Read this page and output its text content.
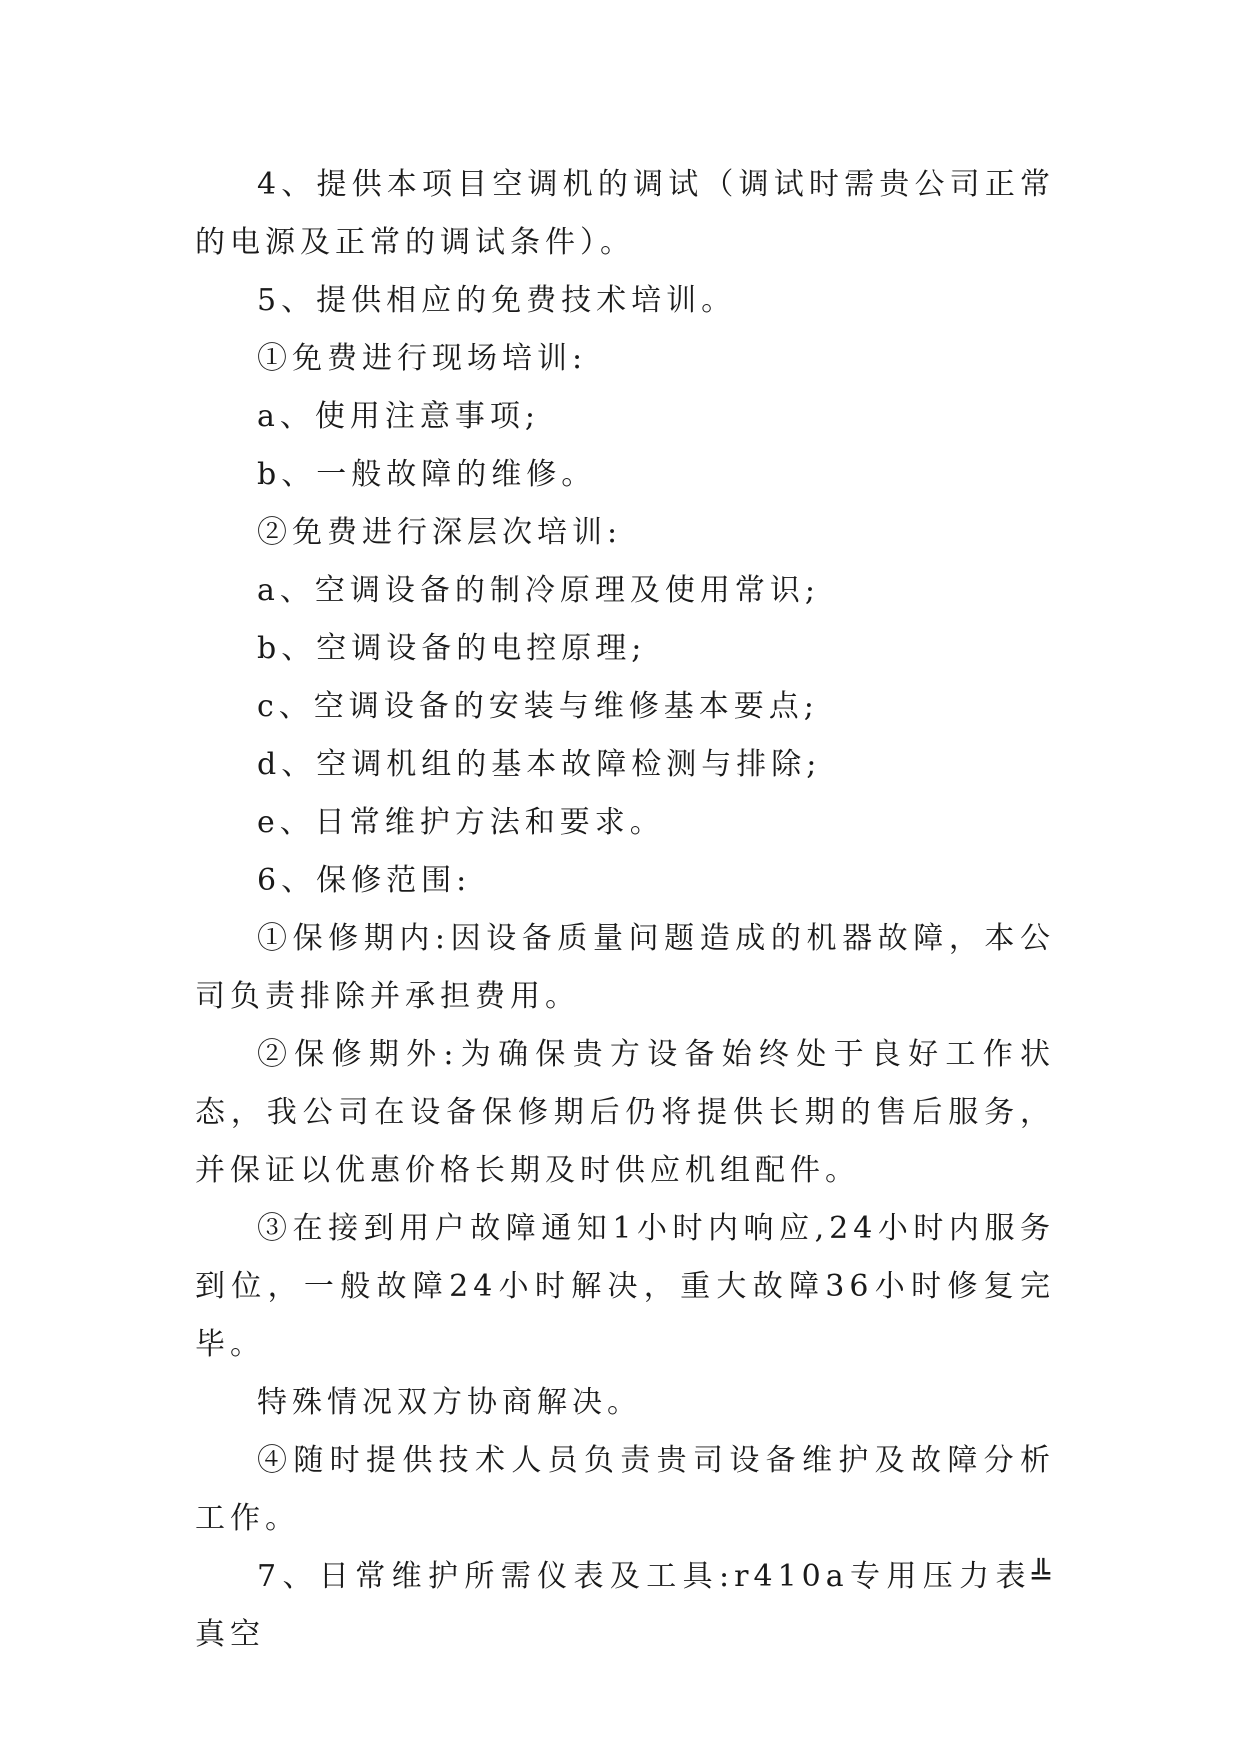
4、提供本项目空调机的调试（调试时需贵公司正常的电源及正常的调试条件）。

5、提供相应的免费技术培训。

①免费进行现场培训:

a、使用注意事项;

b、一般故障的维修。

②免费进行深层次培训:

a、空调设备的制冷原理及使用常识;

b、空调设备的电控原理;

c、空调设备的安装与维修基本要点;

d、空调机组的基本故障检测与排除;

e、日常维护方法和要求。

6、保修范围:

①保修期内:因设备质量问题造成的机器故障，本公司负责排除并承担费用。

②保修期外:为确保贵方设备始终处于良好工作状态，我公司在设备保修期后仍将提供长期的售后服务，并保证以优惠价格长期及时供应机组配件。

③在接到用户故障通知1小时内响应,24小时内服务到位，一般故障24小时解决，重大故障36小时修复完毕。

特殊情况双方协商解决。

④随时提供技术人员负责贵司设备维护及故障分析工作。

7、日常维护所需仪表及工具:r410a专用压力表╩真空
